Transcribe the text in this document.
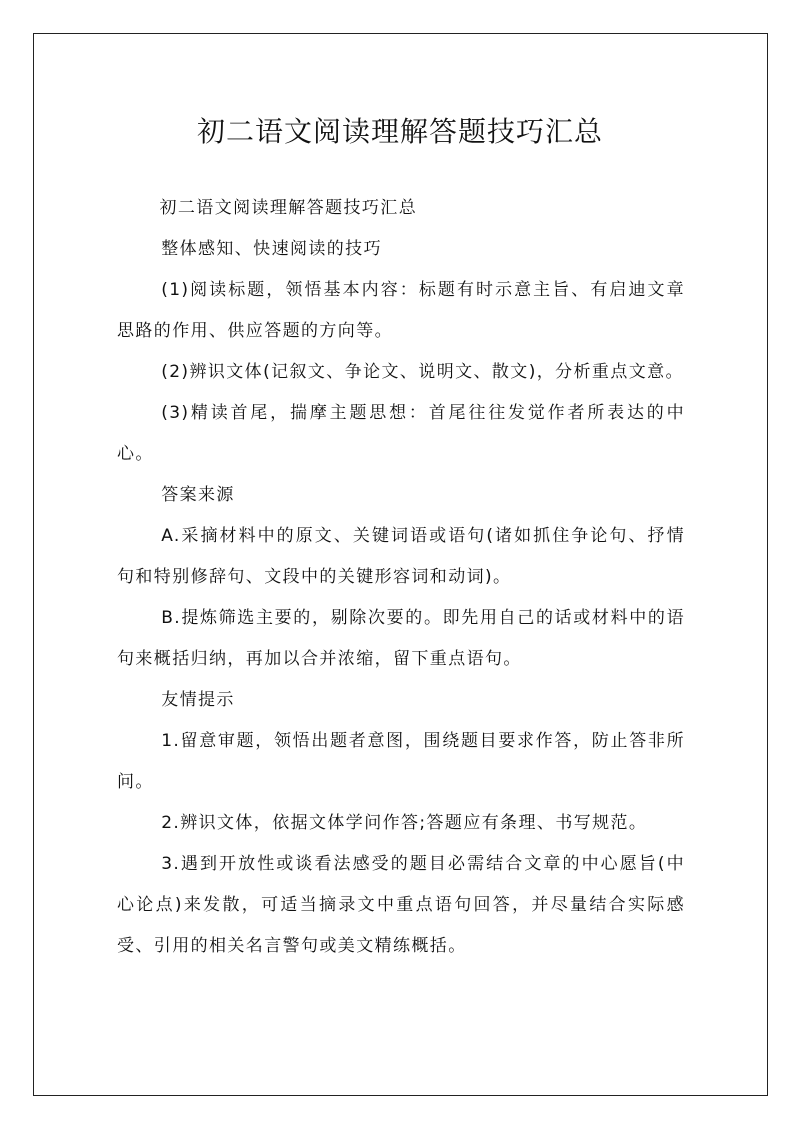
初二语文阅读理解答题技巧汇总

初二语文阅读理解答题技巧汇总

整体感知、快速阅读的技巧

(1)阅读标题，领悟基本内容：标题有时示意主旨、有启迪文章思路的作用、供应答题的方向等。

(2)辨识文体(记叙文、争论文、说明文、散文)，分析重点文意。

(3)精读首尾，揣摩主题思想：首尾往往发觉作者所表达的中心。

答案来源

A.采摘材料中的原文、关键词语或语句(诸如抓住争论句、抒情句和特别修辞句、文段中的关键形容词和动词)。

B.提炼筛选主要的，剔除次要的。即先用自己的话或材料中的语句来概括归纳，再加以合并浓缩，留下重点语句。

友情提示

1.留意审题，领悟出题者意图，围绕题目要求作答，防止答非所问。

2.辨识文体，依据文体学问作答;答题应有条理、书写规范。

3.遇到开放性或谈看法感受的题目必需结合文章的中心愿旨(中心论点)来发散，可适当摘录文中重点语句回答，并尽量结合实际感受、引用的相关名言警句或美文精练概括。
